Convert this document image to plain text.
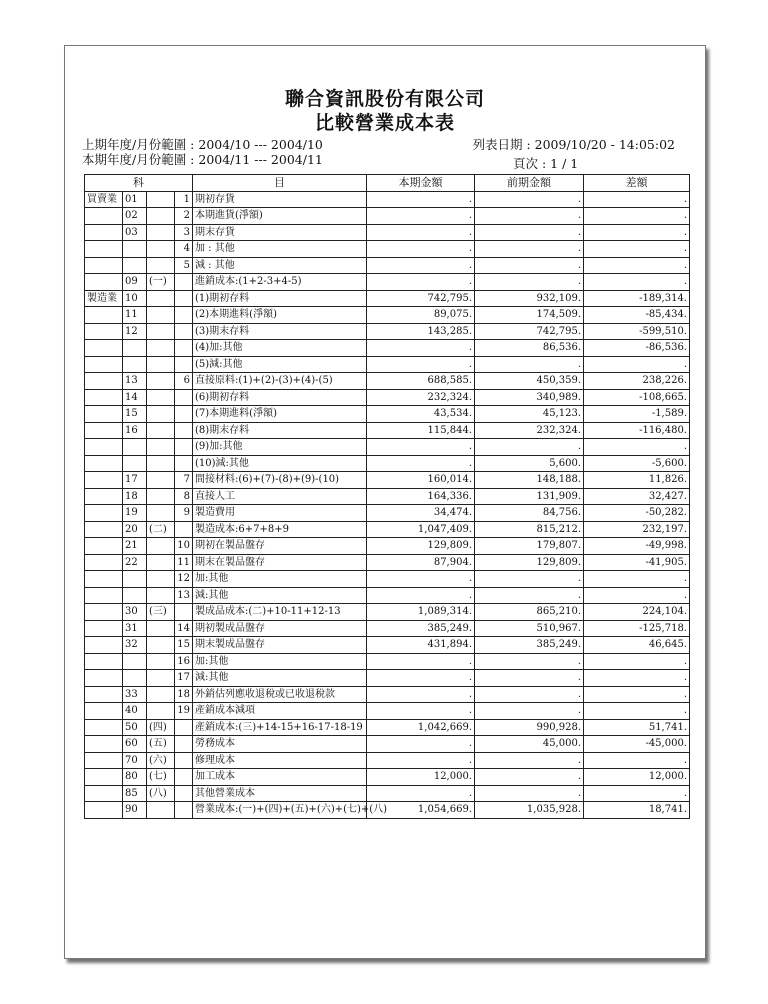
聯合資訊股份有限公司
比較營業成本表
上期年度/月份範圍 : 2004/10 --- 2004/10
本期年度/月份範圍 : 2004/11 --- 2004/11
列表日期 : 2009/10/20 - 14:05:02
頁次 : 1 / 1
科				目	本期金額	前期金額	差額
買賣業	01		1	期初存貨	.	.	.
	02		2	本期進貨(淨額)	.	.	.
	03		3	期末存貨	.	.	.
			4	加 : 其他	.	.	.
			5	減 : 其他	.	.	.
	09	(一)		進銷成本:(1+2-3+4-5)	.	.	.
製造業	10			(1)期初存料	742,795.	932,109.	-189,314.
	11			(2)本期進料(淨額)	89,075.	174,509.	-85,434.
	12			(3)期末存料	143,285.	742,795.	-599,510.
				(4)加:其他	.	86,536.	-86,536.
				(5)減:其他	.	.	.
	13		6	直接原料:(1)+(2)-(3)+(4)-(5)	688,585.	450,359.	238,226.
	14			(6)期初存料	232,324.	340,989.	-108,665.
	15			(7)本期進料(淨額)	43,534.	45,123.	-1,589.
	16			(8)期末存料	115,844.	232,324.	-116,480.
				(9)加:其他	.	.	.
				(10)減:其他	.	5,600.	-5,600.
	17		7	間接材料:(6)+(7)-(8)+(9)-(10)	160,014.	148,188.	11,826.
	18		8	直接人工	164,336.	131,909.	32,427.
	19		9	製造費用	34,474.	84,756.	-50,282.
	20	(二)		製造成本:6+7+8+9	1,047,409.	815,212.	232,197.
	21		10	期初在製品盤存	129,809.	179,807.	-49,998.
	22		11	期末在製品盤存	87,904.	129,809.	-41,905.
			12	加:其他	.	.	.
			13	減:其他	.	.	.
	30	(三)		製成品成本:(二)+10-11+12-13	1,089,314.	865,210.	224,104.
	31		14	期初製成品盤存	385,249.	510,967.	-125,718.
	32		15	期末製成品盤存	431,894.	385,249.	46,645.
			16	加:其他	.	.	.
			17	減:其他	.	.	.
	33		18	外銷估列應收退稅或已收退稅款	.	.	.
	40		19	產銷成本減項	.	.	.
	50	(四)		產銷成本:(三)+14-15+16-17-18-19	1,042,669.	990,928.	51,741.
	60	(五)		勞務成本	.	45,000.	-45,000.
	70	(六)		修理成本	.	.	.
	80	(七)		加工成本	12,000.	.	12,000.
	85	(八)		其他營業成本	.	.	.
	90			營業成本:(一)+(四)+(五)+(六)+(七)+(八)	1,054,669.	1,035,928.	18,741.
